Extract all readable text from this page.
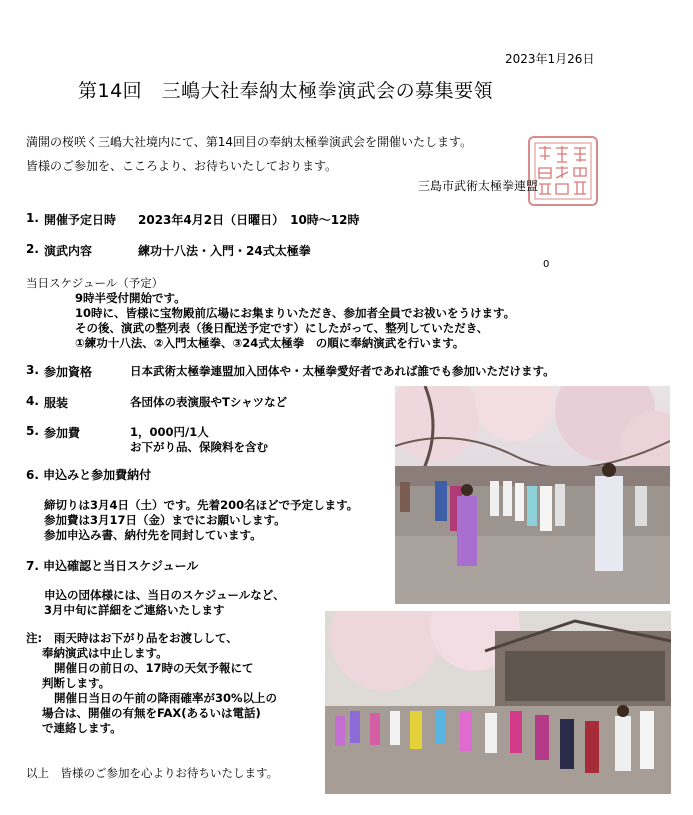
2023年1月26日
第14回　三嶋大社奉納太極拳演武会の募集要領
満開の桜咲く三嶋大社境内にて、第14回目の奉納太極拳演武会を開催いたします。
皆様のご参加を、こころより、お待ちいたしております。
三島市武術太極拳連盟
1. 開催予定日時 2023年4月2日（日曜日）　10時～12時
2. 演武内容	練功十八法・入門・24式太極拳
0
当日スケジュール（予定）
9時半受付開始です。
10時に、皆様に宝物殿前広場にお集まりいただき、参加者全員でお祓いをうけます。
その後、演武の整列表（後日配送予定です）にしたがって、整列していただき、
①練功十八法、②入門太極拳、③24式太極拳　の順に奉納演武を行います。
3. 参加資格	日本武術太極拳連盟加入団体や・太極拳愛好者であれば誰でも参加いただけます。
4. 服装	各団体の表演服やTシャツなど
5. 参加費	1，000円/1人
お下がり品、保険料を含む
6. 申込みと参加費納付
締切りは3月4日（土）です。先着200名ほどで予定します。
参加費は3月17日（金）までにお願いします。
参加申込み書、納付先を同封しています。
7. 申込確認と当日スケジュール
申込の団体様には、当日のスケジュールなど、
3月中旬に詳細をご連絡いたします
注: 雨天時はお下がり品をお渡しして、
奉納演武は中止します。
開催日の前日の、17時の天気予報にて
判断します。
開催日当日の午前の降雨確率が30%以上の
場合は、開催の有無をFAX(あるいは電話)
で連絡します。
以上　皆様のご参加を心よりお待ちいたします。
